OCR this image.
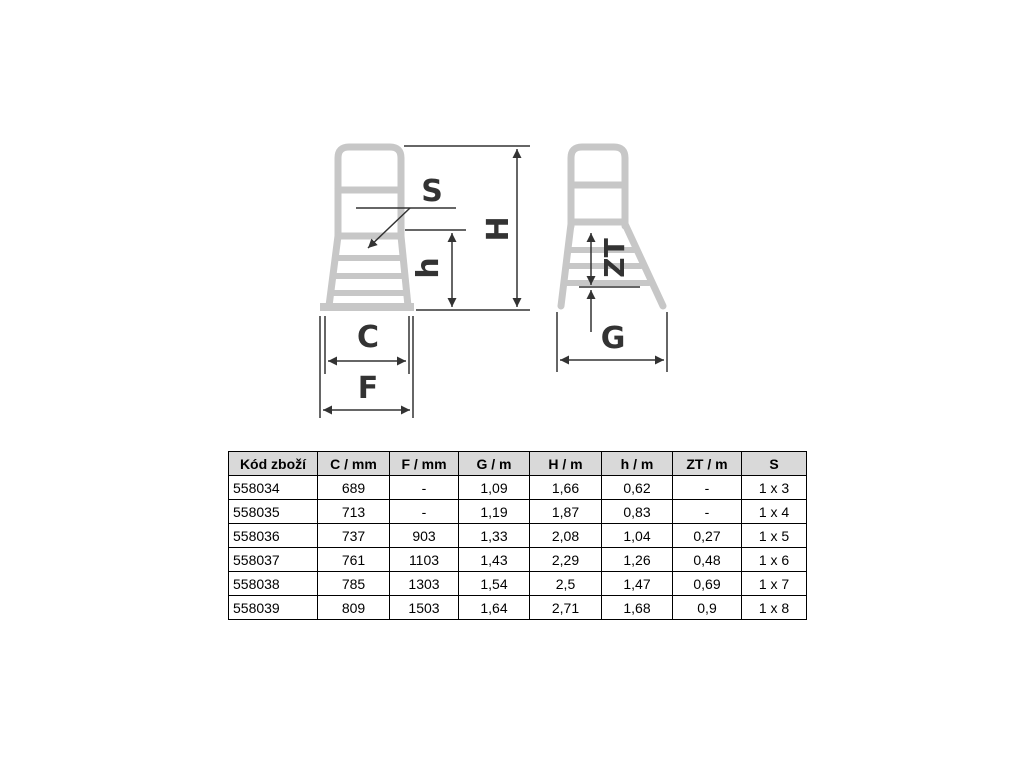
S
H
h
C
F
ZT
G
Kód zboží	C / mm	F / mm	G / m	H / m	h / m	ZT / m	S
558034	689	-	1,09	1,66	0,62	-	1 x 3
558035	713	-	1,19	1,87	0,83	-	1 x 4
558036	737	903	1,33	2,08	1,04	0,27	1 x 5
558037	761	1103	1,43	2,29	1,26	0,48	1 x 6
558038	785	1303	1,54	2,5	1,47	0,69	1 x 7
558039	809	1503	1,64	2,71	1,68	0,9	1 x 8
